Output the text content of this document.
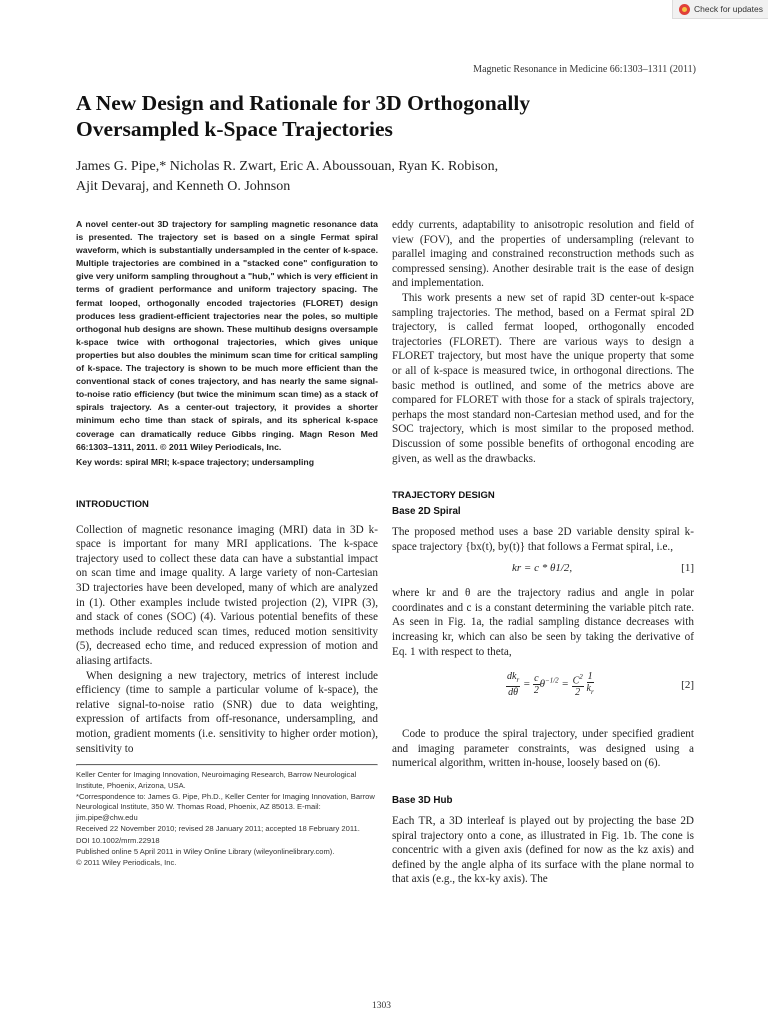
Check for updates
Magnetic Resonance in Medicine 66:1303–1311 (2011)
A New Design and Rationale for 3D Orthogonally
Oversampled k-Space Trajectories
James G. Pipe,* Nicholas R. Zwart, Eric A. Aboussouan, Ryan K. Robison,
Ajit Devaraj, and Kenneth O. Johnson

A novel center-out 3D trajectory for sampling magnetic resonance data is presented. The trajectory set is based on a single Fermat spiral waveform, which is substantially undersampled in the center of k-space. Multiple trajectories are combined in a "stacked cone" configuration to give very uniform sampling throughout a "hub," which is very efficient in terms of gradient performance and uniform trajectory spacing. The fermat looped, orthogonally encoded trajectories (FLORET) design produces less gradient-efficient trajectories near the poles, so multiple orthogonal hub designs are shown. These multihub designs oversample k-space twice with orthogonal trajectories, which gives unique properties but also doubles the minimum scan time for critical sampling of k-space. The trajectory is shown to be much more efficient than the conventional stack of cones trajectory, and has nearly the same signal-to-noise ratio efficiency (but twice the minimum scan time) as a stack of spirals trajectory. As a center-out trajectory, it provides a shorter minimum echo time than stack of spirals, and its spherical k-space coverage can dramatically reduce Gibbs ringing. Magn Reson Med 66:1303–1311, 2011. © 2011 Wiley Periodicals, Inc.

Key words: spiral MRI; k-space trajectory; undersampling
INTRODUCTION

Collection of magnetic resonance imaging (MRI) data in 3D k-space is important for many MRI applications. The k-space trajectory used to collect these data can have a substantial impact on scan time and image quality. A large variety of non-Cartesian 3D trajectories have been developed, many of which are analyzed in (1). Other examples include twisted projection (2), VIPR (3), and stack of cones (SOC) (4). Various potential benefits of these methods include reduced scan times, reduced motion sensitivity (5), decreased echo time, and reduced expression of motion and aliasing artifacts.

When designing a new trajectory, metrics of interest include efficiency (time to sample a particular volume of k-space), the relative signal-to-noise ratio (SNR) due to data weighting, expression of artifacts from off-resonance, undersampling, and motion, gradient moments (i.e. sensitivity to higher order motion), sensitivity to

Keller Center for Imaging Innovation, Neuroimaging Research, Barrow Neurological Institute, Phoenix, Arizona, USA.

*Correspondence to: James G. Pipe, Ph.D., Keller Center for Imaging Innovation, Barrow Neurological Institute, 350 W. Thomas Road, Phoenix, AZ 85013. E-mail: jim.pipe@chw.edu

Received 22 November 2010; revised 28 January 2011; accepted 18 February 2011.

DOI 10.1002/mrm.22918

Published online 5 April 2011 in Wiley Online Library (wileyonlinelibrary.com).

© 2011 Wiley Periodicals, Inc.

eddy currents, adaptability to anisotropic resolution and field of view (FOV), and the properties of undersampling (relevant to parallel imaging and constrained reconstruction methods such as compressed sensing). Another desirable trait is the ease of design and implementation.

This work presents a new set of rapid 3D center-out k-space sampling trajectories. The method, based on a Fermat spiral 2D trajectory, is called fermat looped, orthogonally encoded trajectories (FLORET). There are various ways to design a FLORET trajectory, but most have the unique property that some or all of k-space is measured twice, in orthogonal directions. The basic method is outlined, and some of the metrics above are compared for FLORET with those for a stack of spirals trajectory, perhaps the most standard non-Cartesian method used, and for the SOC trajectory, which is most similar to the proposed method. Discussion of some possible benefits of orthogonal encoding are given, as well as the drawbacks.

TRAJECTORY DESIGN
Base 2D Spiral

The proposed method uses a base 2D variable density spiral k-space trajectory {bx(t), by(t)} that follows a Fermat spiral, i.e.,

kr = c * θ1/2,	[1]

where kr and θ are the trajectory radius and angle in polar coordinates and c is a constant determining the variable pitch rate. As seen in Fig. 1a, the radial sampling distance decreases with increasing kr, which can also be seen by taking the derivative of Eq. 1 with respect to theta,

$\frac{dk_r}{d\theta} = \frac{c}{2} \theta^{-1/2} = \frac{C^2}{2}$
$\frac{1}{k_r}$	[2]

Code to produce the spiral trajectory, under specified gradient and imaging parameter constraints, was designed using a numerical algorithm, written in-house, loosely based on (6).

Base 3D Hub

Each TR, a 3D interleaf is played out by projecting the base 2D spiral trajectory onto a cone, as illustrated in Fig. 1b. The cone is concentric with a given axis (defined for now as the kz axis) and defined by the angle alpha of its surface with the plane normal to that axis (e.g., the kx-ky axis). The

1303
